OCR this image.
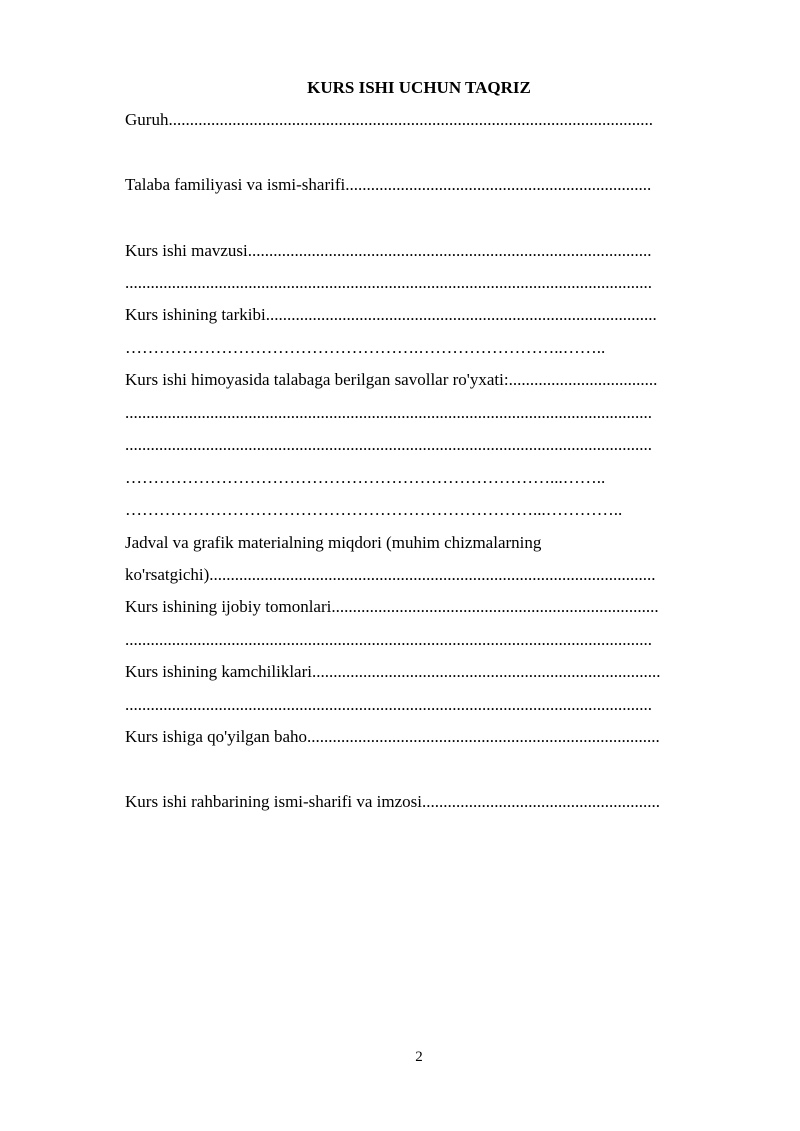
KURS ISHI UCHUN TAQRIZ
Guruh..................................................................................................................
Talaba familiyasi va ismi-sharifi........................................................................
Kurs ishi mavzusi...............................................................................................
............................................................................................................................
Kurs ishining tarkibi............................................................................................
…………………………………………….……………………..……..
Kurs ishi himoyasida talabaga berilgan savollar ro'yxati:...................................
............................................................................................................................
............................................................................................................................
…………………………………………………………………...……..
………………………………………………………………...…………..
Jadval va grafik materialning miqdori (muhim chizmalarning
ko'rsatgichi).........................................................................................................
Kurs ishining ijobiy tomonlari.............................................................................
............................................................................................................................
Kurs ishining kamchiliklari..................................................................................
............................................................................................................................
Kurs ishiga qo'yilgan baho...................................................................................
Kurs ishi rahbarining ismi-sharifi va imzosi........................................................
2
